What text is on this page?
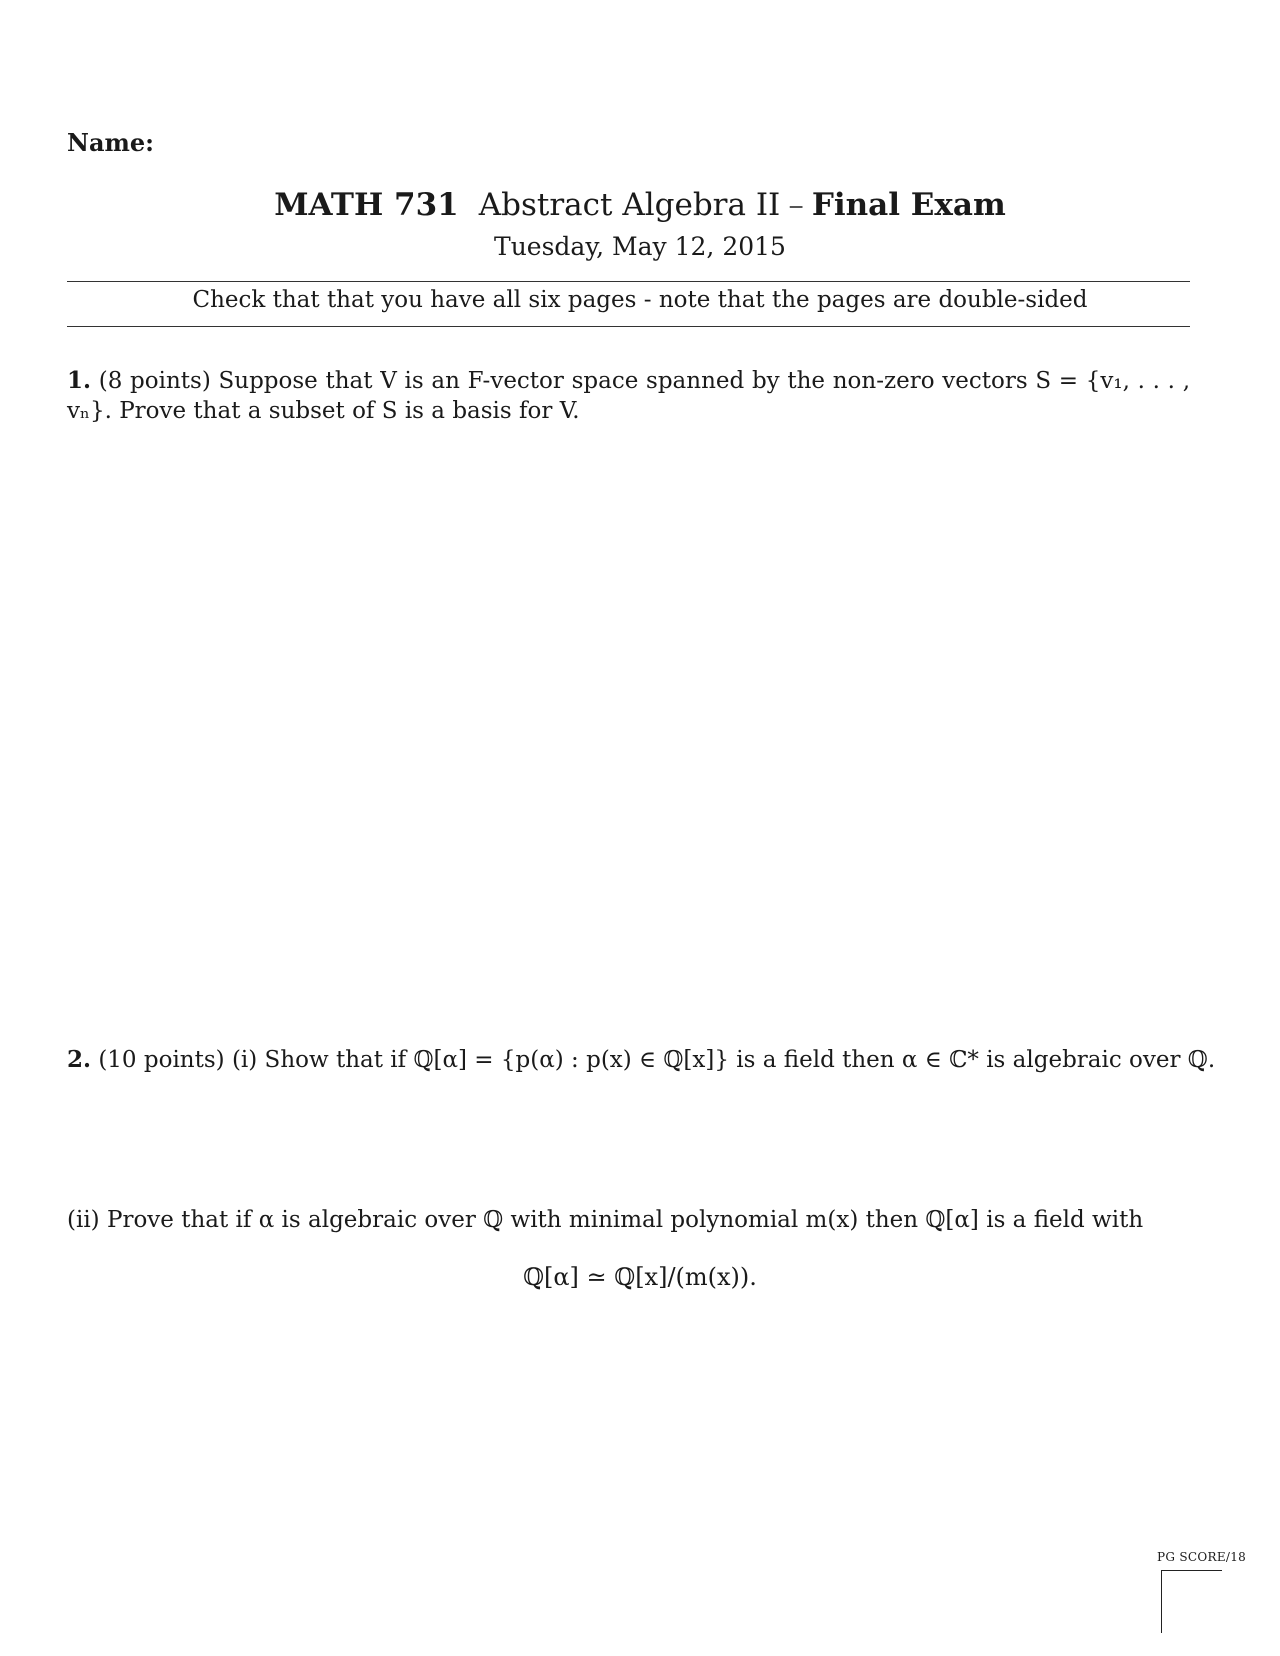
Name:
MATH 731 Abstract Algebra II – Final Exam
Tuesday, May 12, 2015
Check that that you have all six pages - note that the pages are double-sided
1. (8 points) Suppose that V is an F-vector space spanned by the non-zero vectors S = {v₁, . . . , vₙ}. Prove that a subset of S is a basis for V.
2. (10 points) (i) Show that if ℚ[α] = {p(α) : p(x) ∈ ℚ[x]} is a field then α ∈ ℂ* is algebraic over ℚ.
(ii) Prove that if α is algebraic over ℚ with minimal polynomial m(x) then ℚ[α] is a field with
ℚ[α] ≃ ℚ[x]/(m(x)).
PG SCORE/18
